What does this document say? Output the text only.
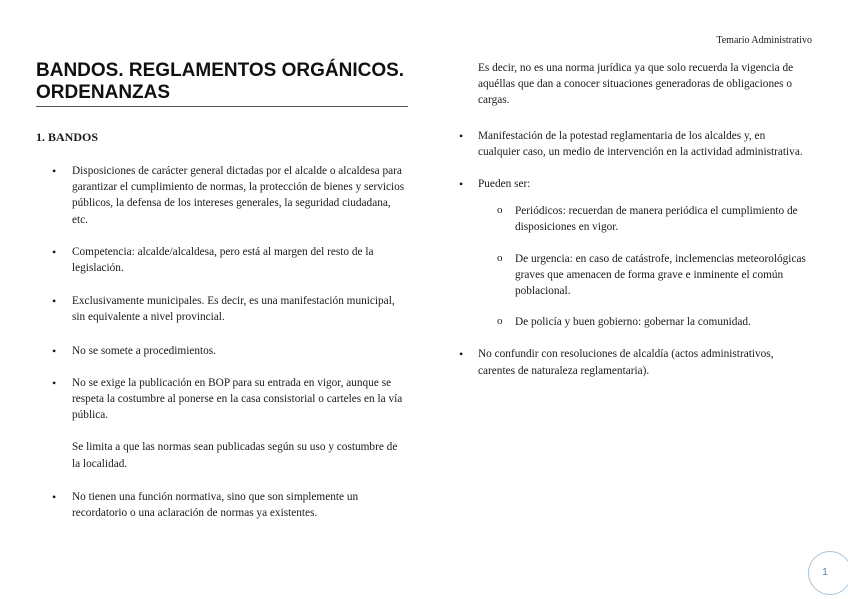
Temario Administrativo
BANDOS. REGLAMENTOS ORGÁNICOS. ORDENANZAS
1. BANDOS
• Disposiciones de carácter general dictadas por el alcalde o alcaldesa para garantizar el cumplimiento de normas, la protección de bienes y servicios públicos, la defensa de los intereses generales, la seguridad ciudadana, etc.
• Competencia: alcalde/alcaldesa, pero está al margen del resto de la legislación.
• Exclusivamente municipales. Es decir, es una manifestación municipal, sin equivalente a nivel provincial.
• No se somete a procedimientos.
• No se exige la publicación en BOP para su entrada en vigor, aunque se respeta la costumbre al ponerse en la casa consistorial o carteles en la vía pública.
Se limita a que las normas sean publicadas según su uso y costumbre de la localidad.
• No tienen una función normativa, sino que son simplemente un recordatorio o una aclaración de normas ya existentes.

Es decir, no es una norma jurídica ya que solo recuerda la vigencia de aquéllas que dan a conocer situaciones generadoras de obligaciones o cargas.

• Manifestación de la potestad reglamentaria de los alcaldes y, en cualquier caso, un medio de intervención en la actividad administrativa.
• Pueden ser:
o Periódicos: recuerdan de manera periódica el cumplimiento de disposiciones en vigor.
o De urgencia: en caso de catástrofe, inclemencias meteorológicas graves que amenacen de forma grave e inminente el común poblacional.
o De policía y buen gobierno: gobernar la comunidad.
• No confundir con resoluciones de alcaldía (actos administrativos, carentes de naturaleza reglamentaria).
1
